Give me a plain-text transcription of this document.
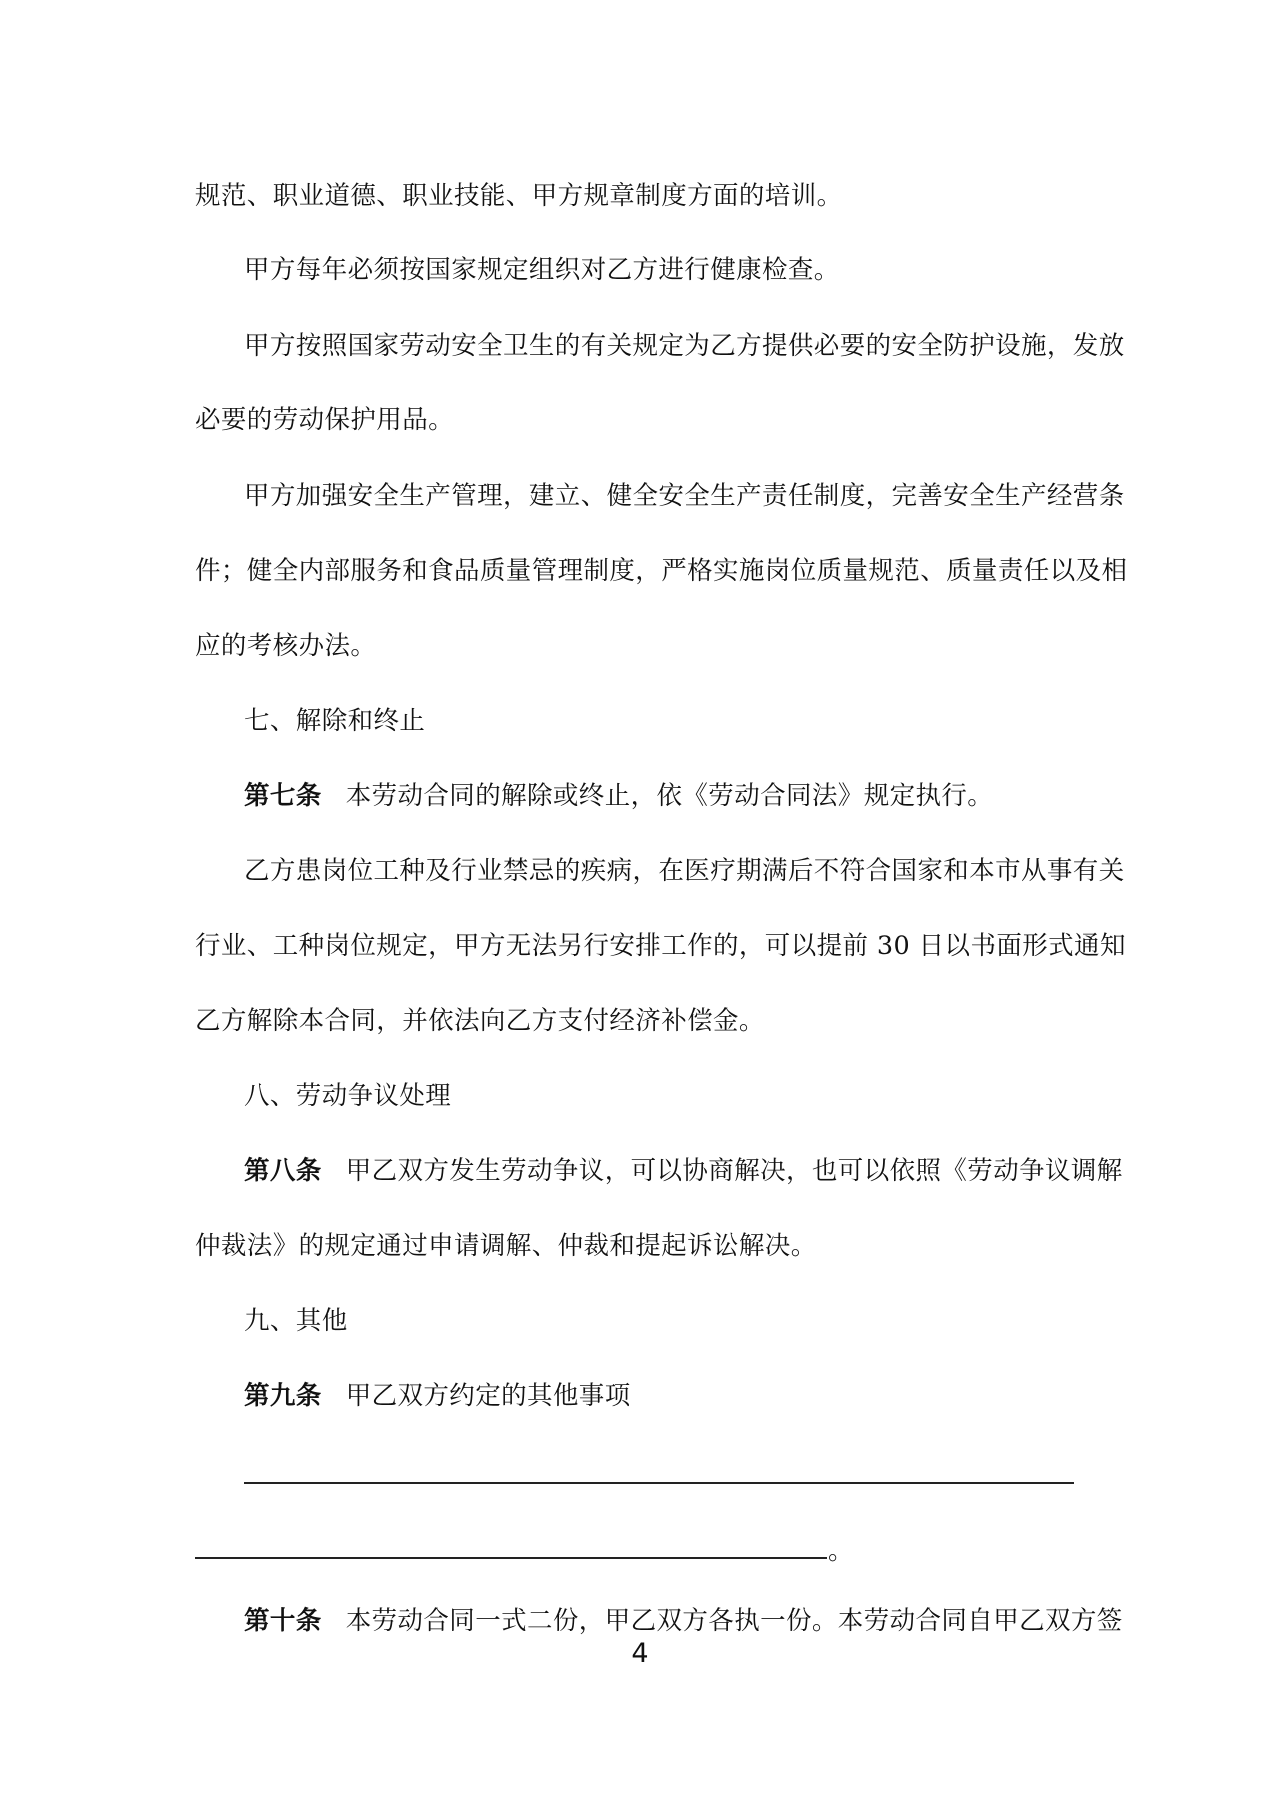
规范、职业道德、职业技能、甲方规章制度方面的培训。
甲方每年必须按国家规定组织对乙方进行健康检查。
甲方按照国家劳动安全卫生的有关规定为乙方提供必要的安全防护设施，发放
必要的劳动保护用品。
甲方加强安全生产管理，建立、健全安全生产责任制度，完善安全生产经营条
件；健全内部服务和食品质量管理制度，严格实施岗位质量规范、质量责任以及相
应的考核办法。
七、解除和终止
第七条 本劳动合同的解除或终止，依《劳动合同法》规定执行。
乙方患岗位工种及行业禁忌的疾病，在医疗期满后不符合国家和本市从事有关
行业、工种岗位规定，甲方无法另行安排工作的，可以提前 30 日以书面形式通知
乙方解除本合同，并依法向乙方支付经济补偿金。
八、劳动争议处理
第八条 甲乙双方发生劳动争议，可以协商解决，也可以依照《劳动争议调解
仲裁法》的规定通过申请调解、仲裁和提起诉讼解决。
九、其他
第九条 甲乙双方约定的其他事项
。
第十条 本劳动合同一式二份，甲乙双方各执一份。本劳动合同自甲乙双方签
4
